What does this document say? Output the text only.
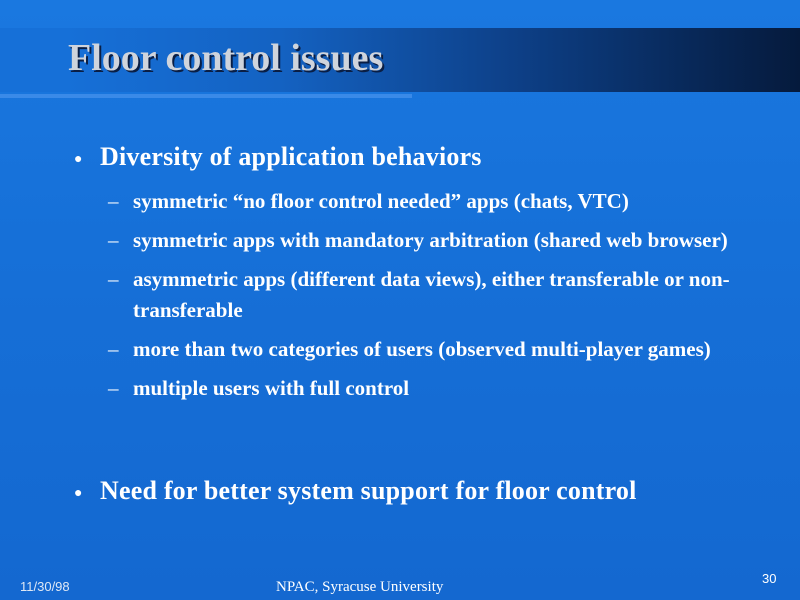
Floor control issues
● Diversity of application behaviors
– symmetric “no floor control needed” apps (chats, VTC)
– symmetric apps with mandatory arbitration (shared web browser)
– asymmetric apps (different data views), either transferable or non-transferable
– more than two categories of users (observed multi-player games)
– multiple users with full control
● Need for better system support for floor control
11/30/98	NPAC, Syracuse University
30
